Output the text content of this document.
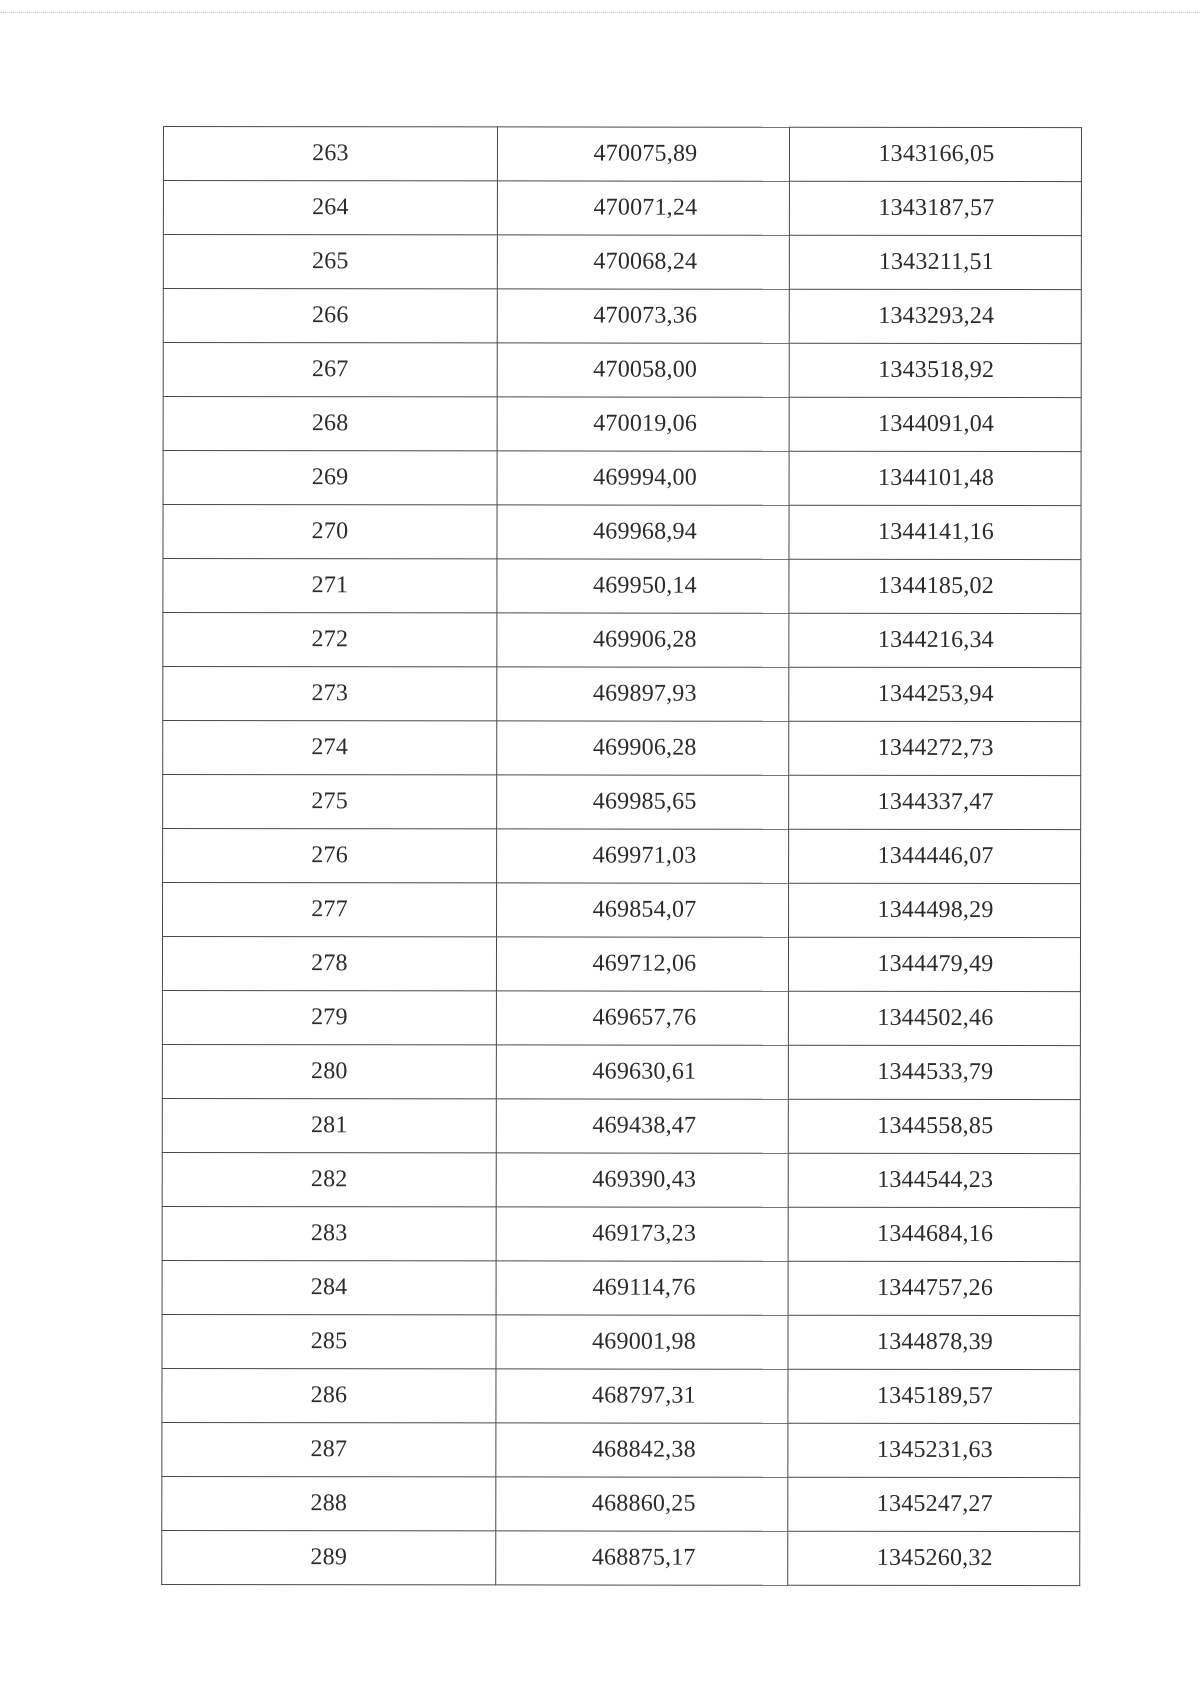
263	470075,89	1343166,05
264	470071,24	1343187,57
265	470068,24	1343211,51
266	470073,36	1343293,24
267	470058,00	1343518,92
268	470019,06	1344091,04
269	469994,00	1344101,48
270	469968,94	1344141,16
271	469950,14	1344185,02
272	469906,28	1344216,34
273	469897,93	1344253,94
274	469906,28	1344272,73
275	469985,65	1344337,47
276	469971,03	1344446,07
277	469854,07	1344498,29
278	469712,06	1344479,49
279	469657,76	1344502,46
280	469630,61	1344533,79
281	469438,47	1344558,85
282	469390,43	1344544,23
283	469173,23	1344684,16
284	469114,76	1344757,26
285	469001,98	1344878,39
286	468797,31	1345189,57
287	468842,38	1345231,63
288	468860,25	1345247,27
289	468875,17	1345260,32
